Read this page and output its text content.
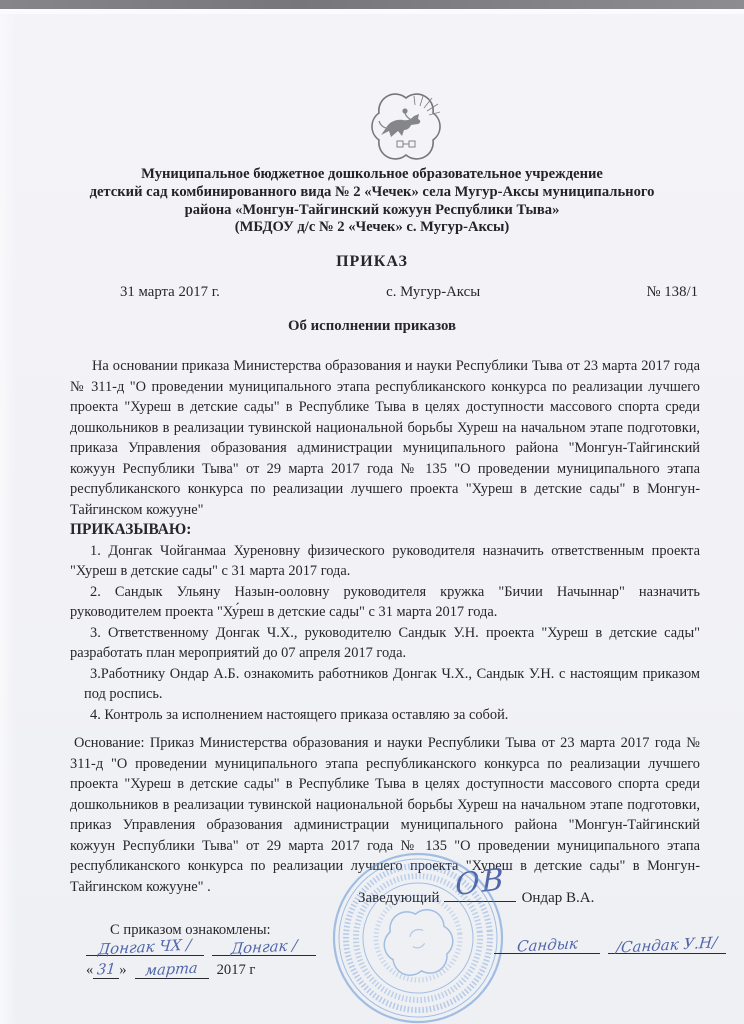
Муниципальное бюджетное дошкольное образовательное учреждение
детский сад комбинированного вида № 2 «Чечек» села Мугур-Аксы муниципального
района «Монгун-Тайгинский кожуун Республики Тыва»
(МБДОУ д/с № 2 «Чечек» с. Мугур-Аксы)
ПРИКАЗ
31 марта 2017 г.	с. Мугур-Аксы	№ 138/1
Об исполнении приказов

На основании приказа Министерства образования и науки Республики Тыва от 23 марта 2017 года № 311-д "О проведении муниципального этапа республиканского конкурса по реализации лучшего проекта "Хуреш в детские сады" в Республике Тыва в целях доступности массового спорта среди дошкольников в реализации тувинской национальной борьбы Хуреш на начальном этапе подготовки, приказа Управления образования администрации муниципального района "Монгун-Тайгинский кожуун Республики Тыва" от 29 марта 2017 года № 135 "О проведении муниципального этапа республиканского конкурса по реализации лучшего проекта "Хуреш в детские сады" в Монгун-Тайгинском кожууне"

ПРИКАЗЫВАЮ:

1. Донгак Чойганмаа Хуреновну физического руководителя назначить ответственным проекта "Хуреш в детские сады" с 31 марта 2017 года.

2. Сандык Ульяну Назын-ооловну руководителя кружка "Бичии Начыннар" назначить руководителем проекта "Ху́реш в детские сады" с 31 марта 2017 года.

3. Ответственному Донгак Ч.Х., руководителю Сандык У.Н. проекта "Хуреш в детские сады" разработать план мероприятий до 07 апреля 2017 года.

3.Работнику Ондар А.Б. ознакомить работников Донгак Ч.Х., Сандык У.Н. с настоящим приказом под роспись.

4. Контроль за исполнением настоящего приказа оставляю за собой.

Основание: Приказ Министерства образования и науки Республики Тыва от 23 марта 2017 года № 311-д "О проведении муниципального этапа республиканского конкурса по реализации лучшего проекта "Хуреш в детские сады" в Республике Тыва в целях доступности массового спорта среди дошкольников в реализации тувинской национальной борьбы Хуреш на начальном этапе подготовки, приказ Управления образования администрации муниципального района "Монгун-Тайгинский кожуун Республики Тыва" от 29 марта 2017 года № 135 "О проведении муниципального этапа республиканского конкурса по реализации лучшего проекта "Хуреш в детские сады" в Монгун-Тайгинском кожууне" .

Заведующий	Ондар В.А.
ОВ
С приказом ознакомлены:
Донгак ЧХ /	Донгак /
« 31 » марта 2017 г
Сандык /Сандак У.Н/
